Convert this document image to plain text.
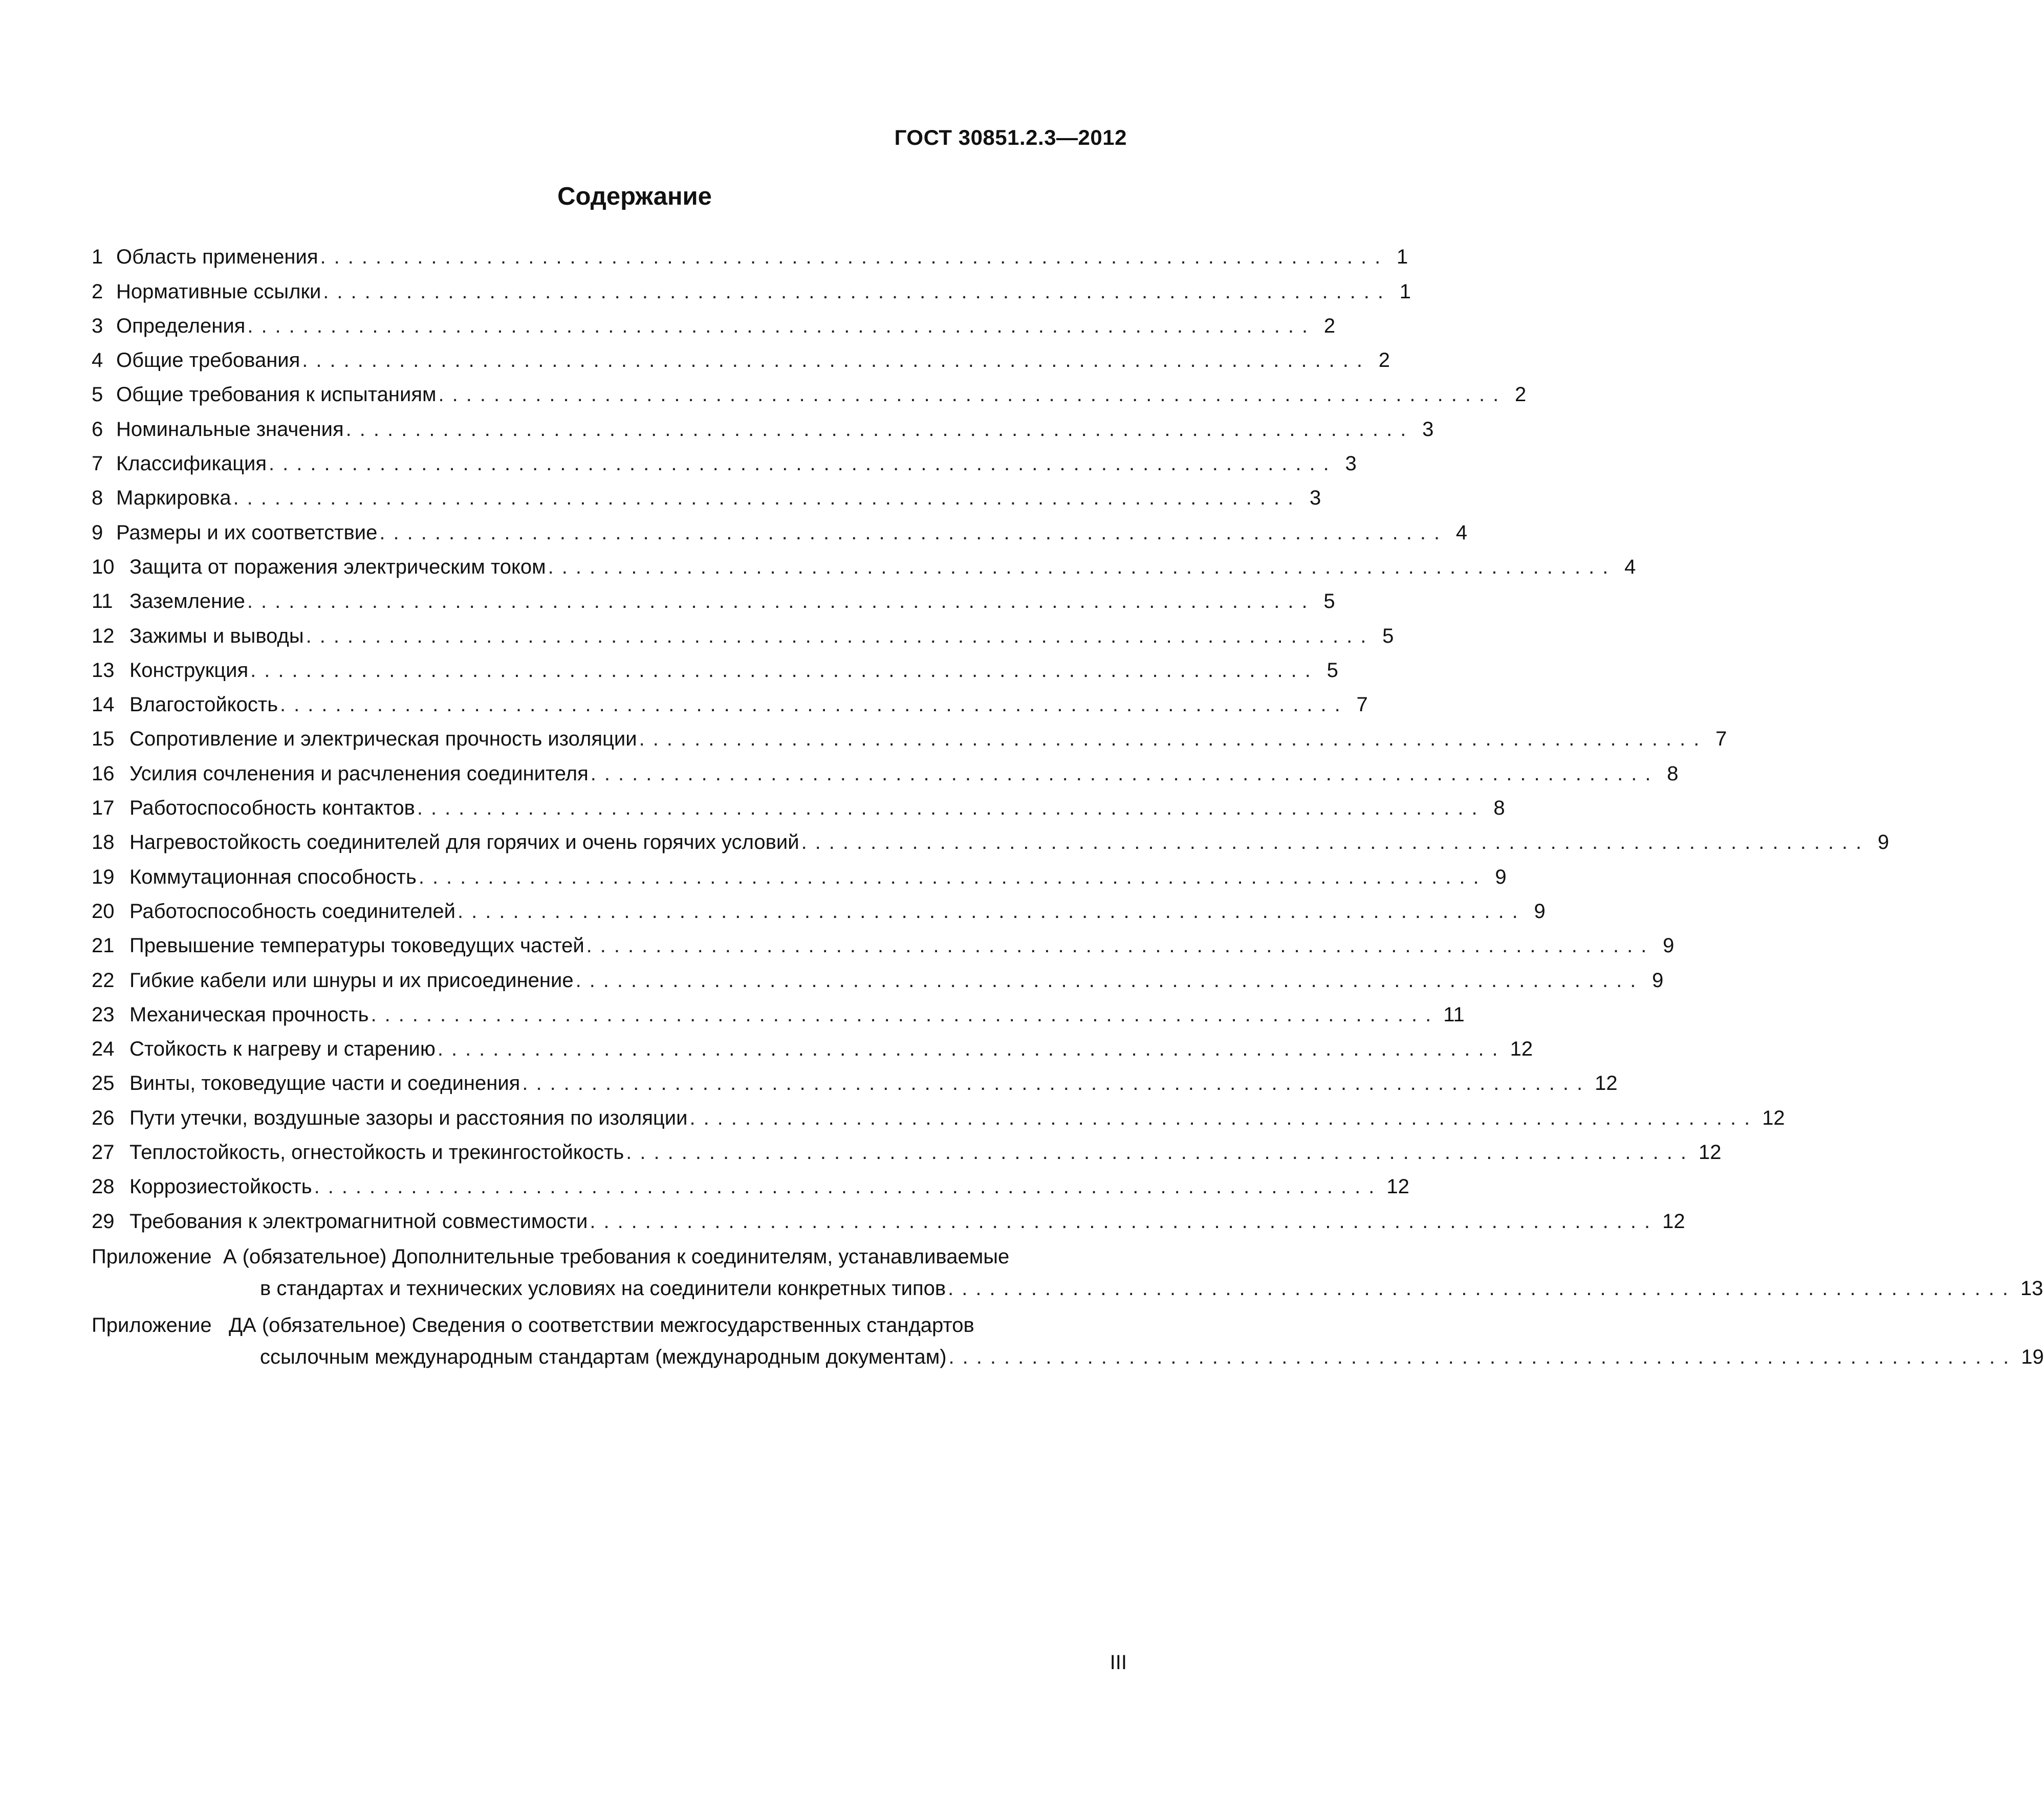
ГОСТ 30851.2.3—2012
Содержание
1 Область применения ............................................................................. 1
2 Нормативные ссылки ............................................................................. 1
3 Определения ............................................................................. 2
4 Общие требования ............................................................................. 2
5 Общие требования к испытаниям ............................................................................. 2
6 Номинальные значения ............................................................................. 3
7 Классификация ............................................................................. 3
8 Маркировка ............................................................................. 3
9 Размеры и их соответствие ............................................................................. 4
10 Защита от поражения электрическим током ............................................................................. 4
11 Заземление ............................................................................. 5
12 Зажимы и выводы ............................................................................. 5
13 Конструкция ............................................................................. 5
14 Влагостойкость ............................................................................. 7
15 Сопротивление и электрическая прочность изоляции ............................................................................. 7
16 Усилия сочленения и расчленения соединителя ............................................................................. 8
17 Работоспособность контактов ............................................................................. 8
18 Нагревостойкость соединителей для горячих и очень горячих условий ............................................................................. 9
19 Коммутационная способность ............................................................................. 9
20 Работоспособность соединителей ............................................................................. 9
21 Превышение температуры токоведущих частей ............................................................................. 9
22 Гибкие кабели или шнуры и их присоединение ............................................................................. 9
23 Механическая прочность ............................................................................. 11
24 Стойкость к нагреву и старению ............................................................................. 12
25 Винты, токоведущие части и соединения ............................................................................. 12
26 Пути утечки, воздушные зазоры и расстояния по изоляции ............................................................................. 12
27 Теплостойкость, огнестойкость и трекингостойкость ............................................................................. 12
28 Коррозиестойкость ............................................................................. 12
29 Требования к электромагнитной совместимости ............................................................................. 12
Приложение  А (обязательное) Дополнительные требования к соединителям, устанавливаемые
в стандартах и технических условиях на соединители конкретных типов ............................................................................. 13
Приложение   ДА (обязательное) Сведения о соответствии межгосударственных стандартов
ссылочным международным стандартам (международным документам) ............................................................................. 19
III
